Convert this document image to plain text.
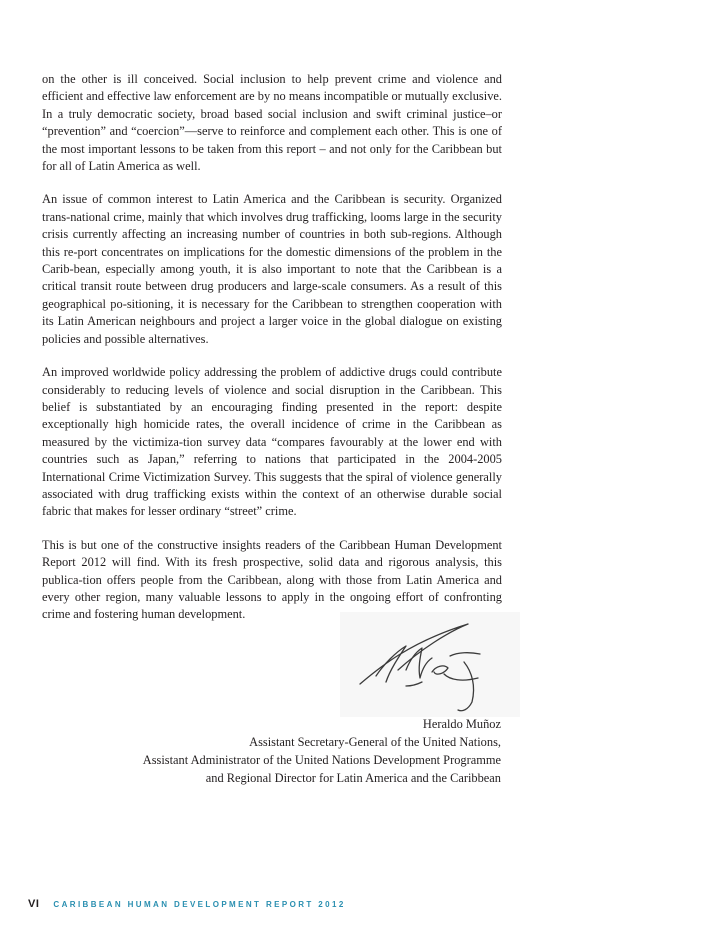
on the other is ill conceived. Social inclusion to help prevent crime and violence and efficient and effective law enforcement are by no means incompatible or mutually exclusive. In a truly democratic society, broad based social inclusion and swift criminal justice–or “prevention” and “coercion”—serve to reinforce and complement each other. This is one of the most important lessons to be taken from this report – and not only for the Caribbean but for all of Latin America as well.

An issue of common interest to Latin America and the Caribbean is security. Organized trans-national crime, mainly that which involves drug trafficking, looms large in the security crisis currently affecting an increasing number of countries in both sub-regions. Although this re-port concentrates on implications for the domestic dimensions of the problem in the Carib-bean, especially among youth, it is also important to note that the Caribbean is a critical transit route between drug producers and large-scale consumers. As a result of this geographical po-sitioning, it is necessary for the Caribbean to strengthen cooperation with its Latin American neighbours and project a larger voice in the global dialogue on existing policies and possible alternatives.

An improved worldwide policy addressing the problem of addictive drugs could contribute considerably to reducing levels of violence and social disruption in the Caribbean. This belief is substantiated by an encouraging finding presented in the report: despite exceptionally high homicide rates, the overall incidence of crime in the Caribbean as measured by the victimiza-tion survey data “compares favourably at the lower end with countries such as Japan,” referring to nations that participated in the 2004-2005 International Crime Victimization Survey. This suggests that the spiral of violence generally associated with drug trafficking exists within the context of an otherwise durable social fabric that makes for lesser ordinary “street” crime.

This is but one of the constructive insights readers of the Caribbean Human Development Report 2012 will find. With its fresh prospective, solid data and rigorous analysis, this publica-tion offers people from the Caribbean, along with those from Latin America and every other region, many valuable lessons to apply in the ongoing effort of confronting crime and fostering human development.

Heraldo Muñoz
Assistant Secretary-General of the United Nations,
Assistant Administrator of the United Nations Development Programme
and Regional Director for Latin America and the Caribbean
VI CARIBBEAN HUMAN DEVELOPMENT REPORT 2012
